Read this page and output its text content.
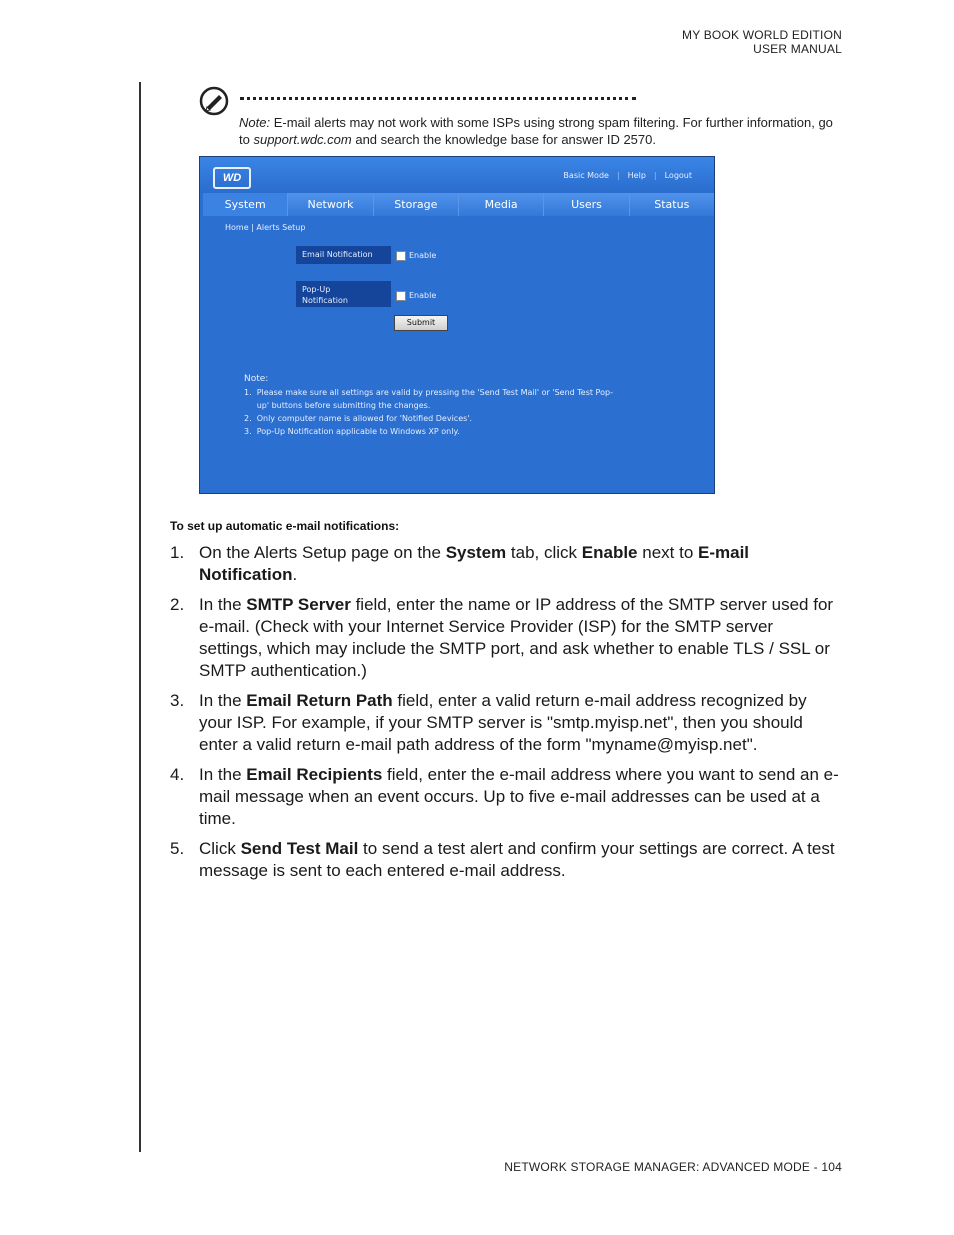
MY BOOK WORLD EDITION
USER MANUAL
Note: E-mail alerts may not work with some ISPs using strong spam filtering. For further information, go to support.wdc.com and search the knowledge base for answer ID 2570.
WD	Basic Mode | Help | Logout
System	Network	Storage	Media	Users	Status
Home | Alerts Setup
Email Notification	Enable
Pop-Up
Notification
Enable
Submit
Note:
1.  Please make sure all settings are valid by pressing the 'Send Test Mail' or 'Send Test Pop-
up' buttons before submitting the changes.
2.  Only computer name is allowed for 'Notified Devices'.
3.  Pop-Up Notification applicable to Windows XP only.
To set up automatic e-mail notifications:
1. On the Alerts Setup page on the System tab, click Enable next to E-mail Notification.
2. In the SMTP Server field, enter the name or IP address of the SMTP server used for e-mail. (Check with your Internet Service Provider (ISP) for the SMTP server settings, which may include the SMTP port, and ask whether to enable TLS / SSL or SMTP authentication.)
3. In the Email Return Path field, enter a valid return e-mail address recognized by your ISP. For example, if your SMTP server is "smtp.myisp.net", then you should enter a valid return e-mail path address of the form "myname@myisp.net".
4. In the Email Recipients field, enter the e-mail address where you want to send an e-mail message when an event occurs. Up to five e-mail addresses can be used at a time.
5. Click Send Test Mail to send a test alert and confirm your settings are correct. A test message is sent to each entered e-mail address.
NETWORK STORAGE MANAGER: ADVANCED MODE - 104
